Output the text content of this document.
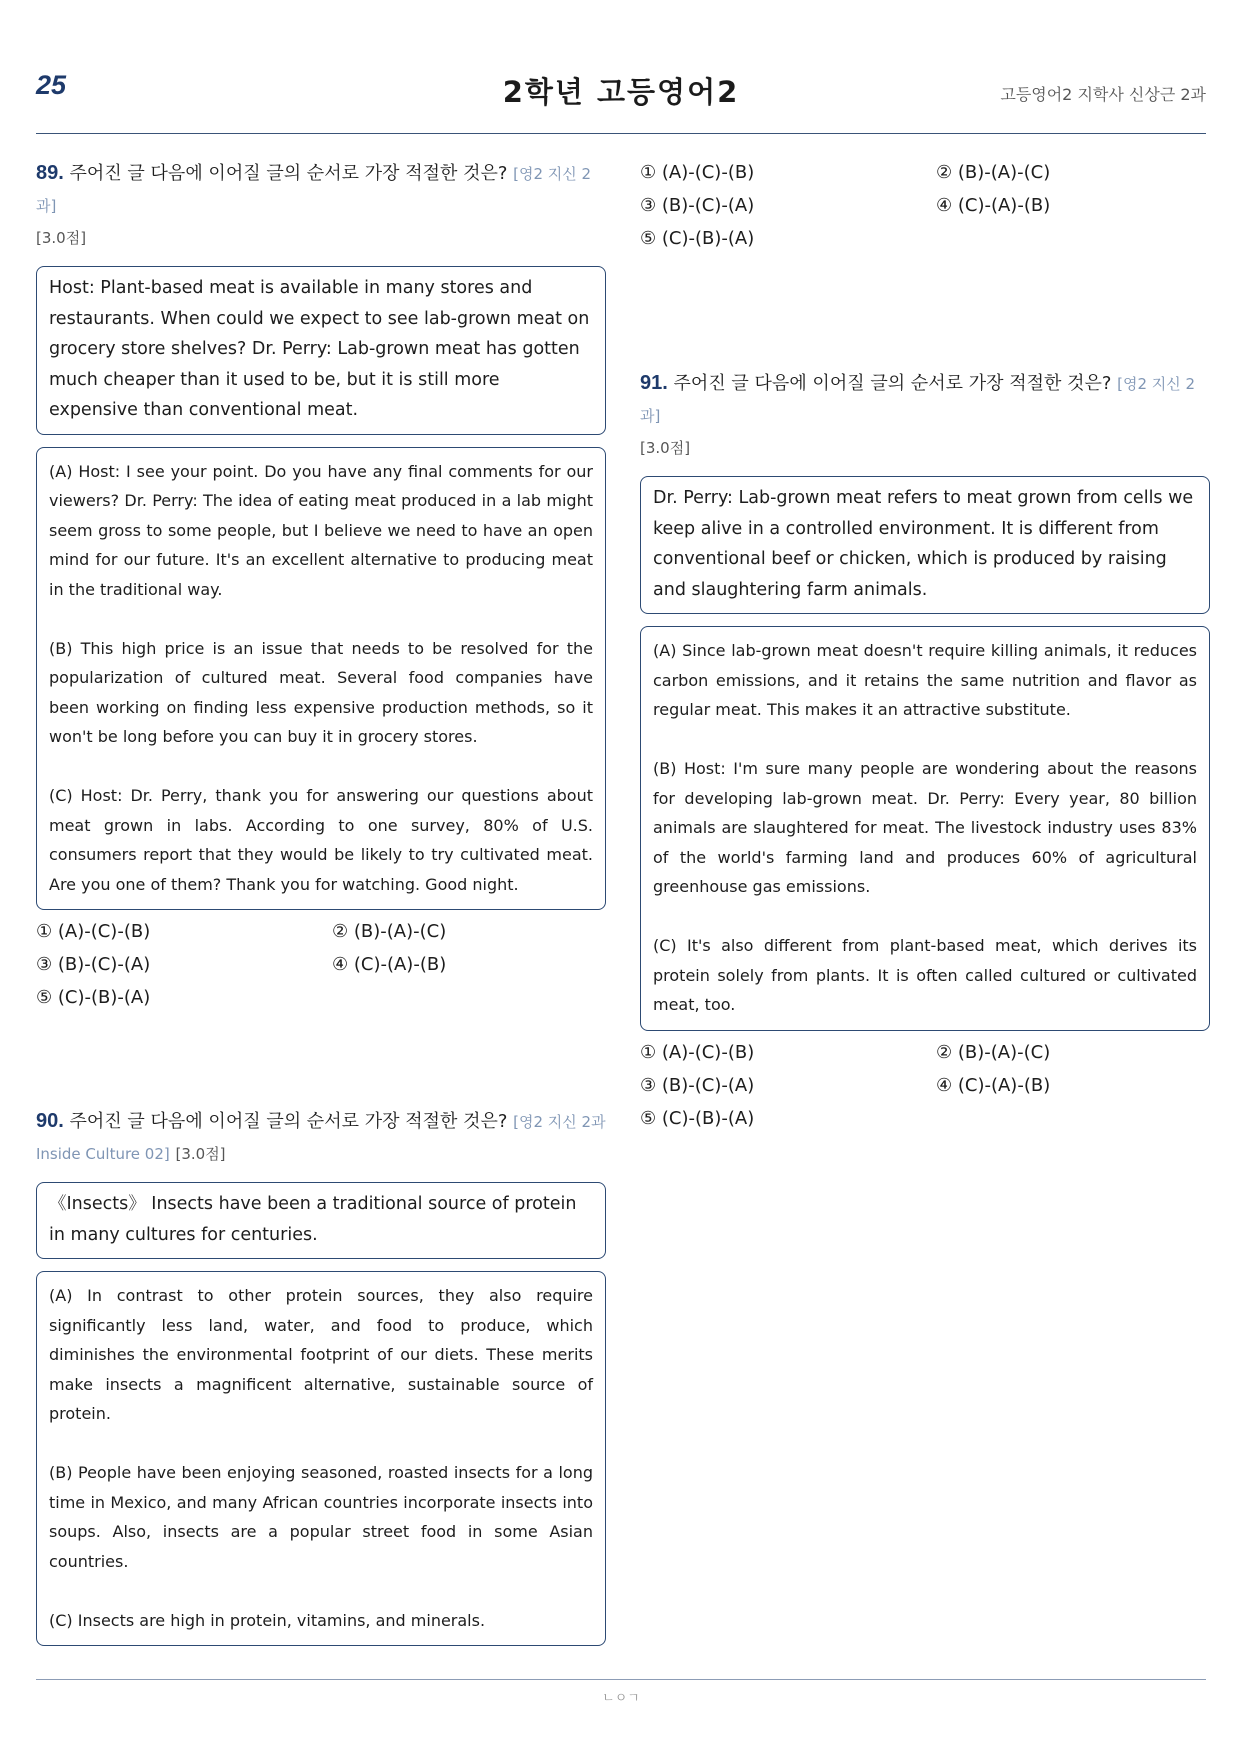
25	2학년 고등영어2	고등영어2 지학사 신상근 2과
89. 주어진 글 다음에 이어질 글의 순서로 가장 적절한 것은? [영2 지신 2과]
[3.0점]
Host: Plant-based meat is available in many stores and restaurants. When could we expect to see lab-grown meat on grocery store shelves? Dr. Perry: Lab-grown meat has gotten much cheaper than it used to be, but it is still more expensive than conventional meat.

(A) Host: I see your point. Do you have any final comments for our viewers? Dr. Perry: The idea of eating meat produced in a lab might seem gross to some people, but I believe we need to have an open mind for our future. It's an excellent alternative to producing meat in the traditional way.

(B) This high price is an issue that needs to be resolved for the popularization of cultured meat. Several food companies have been working on finding less expensive production methods, so it won't be long before you can buy it in grocery stores.

(C) Host: Dr. Perry, thank you for answering our questions about meat grown in labs. According to one survey, 80% of U.S. consumers report that they would be likely to try cultivated meat. Are you one of them? Thank you for watching. Good night.

① (A)-(C)-(B)	② (B)-(A)-(C)
③ (B)-(C)-(A)	④ (C)-(A)-(B)
⑤ (C)-(B)-(A)
90. 주어진 글 다음에 이어질 글의 순서로 가장 적절한 것은? [영2 지신 2과 Inside Culture 02] [3.0점]
《Insects》 Insects have been a traditional source of protein in many cultures for centuries.

(A) In contrast to other protein sources, they also require significantly less land, water, and food to produce, which diminishes the environmental footprint of our diets. These merits make insects a magnificent alternative, sustainable source of protein.

(B) People have been enjoying seasoned, roasted insects for a long time in Mexico, and many African countries incorporate insects into soups. Also, insects are a popular street food in some Asian countries.

(C) Insects are high in protein, vitamins, and minerals.

① (A)-(C)-(B)	② (B)-(A)-(C)
③ (B)-(C)-(A)	④ (C)-(A)-(B)
⑤ (C)-(B)-(A)
91. 주어진 글 다음에 이어질 글의 순서로 가장 적절한 것은? [영2 지신 2과]
[3.0점]
Dr. Perry: Lab-grown meat refers to meat grown from cells we keep alive in a controlled environment. It is different from conventional beef or chicken, which is produced by raising and slaughtering farm animals.

(A) Since lab-grown meat doesn't require killing animals, it reduces carbon emissions, and it retains the same nutrition and flavor as regular meat. This makes it an attractive substitute.

(B) Host: I'm sure many people are wondering about the reasons for developing lab-grown meat. Dr. Perry: Every year, 80 billion animals are slaughtered for meat. The livestock industry uses 83% of the world's farming land and produces 60% of agricultural greenhouse gas emissions.

(C) It's also different from plant-based meat, which derives its protein solely from plants. It is often called cultured or cultivated meat, too.

① (A)-(C)-(B)	② (B)-(A)-(C)
③ (B)-(C)-(A)	④ (C)-(A)-(B)
⑤ (C)-(B)-(A)
ㄴㅇㄱ
